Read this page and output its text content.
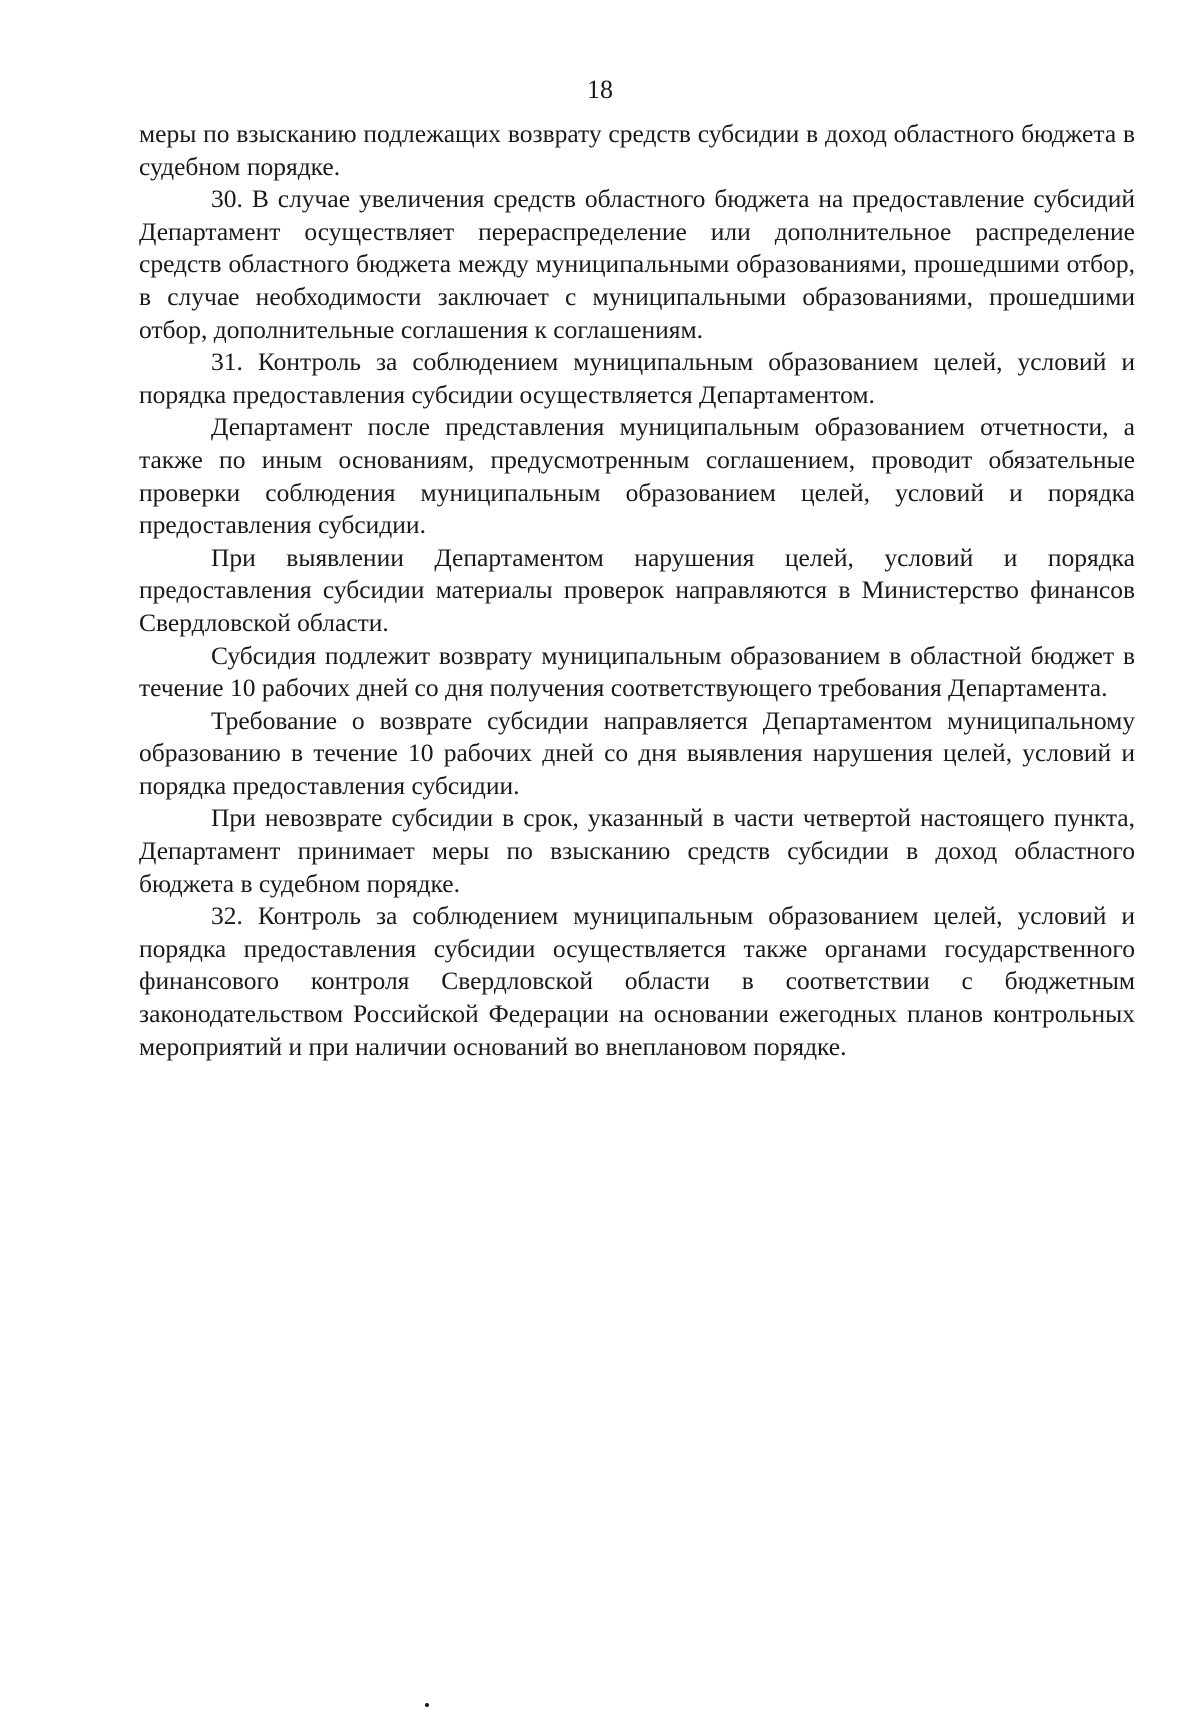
18

меры по взысканию подлежащих возврату средств субсидии в доход областного бюджета в судебном порядке.

30. В случае увеличения средств областного бюджета на предоставление субсидий Департамент осуществляет перераспределение или дополнительное распределение средств областного бюджета между муниципальными образованиями, прошедшими отбор, в случае необходимости заключает с муниципальными образованиями, прошедшими отбор, дополнительные соглашения к соглашениям.

31. Контроль за соблюдением муниципальным образованием целей, условий и порядка предоставления субсидии осуществляется Департаментом.

Департамент после представления муниципальным образованием отчетности, а также по иным основаниям, предусмотренным соглашением, проводит обязательные проверки соблюдения муниципальным образованием целей, условий и порядка предоставления субсидии.

При выявлении Департаментом нарушения целей, условий и порядка предоставления субсидии материалы проверок направляются в Министерство финансов Свердловской области.

Субсидия подлежит возврату муниципальным образованием в областной бюджет в течение 10 рабочих дней со дня получения соответствующего требования Департамента.

Требование о возврате субсидии направляется Департаментом муниципальному образованию в течение 10 рабочих дней со дня выявления нарушения целей, условий и порядка предоставления субсидии.

При невозврате субсидии в срок, указанный в части четвертой настоящего пункта, Департамент принимает меры по взысканию средств субсидии в доход областного бюджета в судебном порядке.

32. Контроль за соблюдением муниципальным образованием целей, условий и порядка предоставления субсидии осуществляется также органами государственного финансового контроля Свердловской области в соответствии с бюджетным законодательством Российской Федерации на основании ежегодных планов контрольных мероприятий и при наличии оснований во внеплановом порядке.
